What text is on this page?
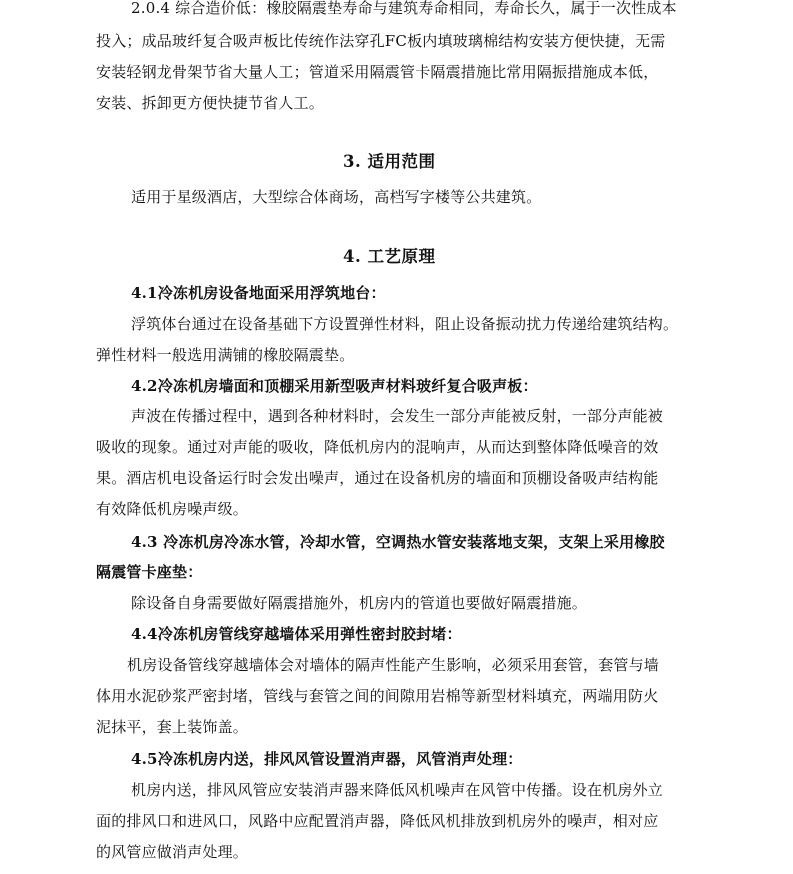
2.0.4 综合造价低：橡胶隔震垫寿命与建筑寿命相同，寿命长久，属于一次性成本
投入；成品玻纤复合吸声板比传统作法穿孔FC板内填玻璃棉结构安装方便快捷，无需
安装轻钢龙骨架节省大量人工；管道采用隔震管卡隔震措施比常用隔振措施成本低，
安装、拆卸更方便快捷节省人工。
3. 适用范围
适用于星级酒店，大型综合体商场，高档写字楼等公共建筑。
4. 工艺原理
4.1冷冻机房设备地面采用浮筑地台：
浮筑体台通过在设备基础下方设置弹性材料，阻止设备振动扰力传递给建筑结构。
弹性材料一般选用满铺的橡胶隔震垫。
4.2冷冻机房墙面和顶棚采用新型吸声材料玻纤复合吸声板：
声波在传播过程中，遇到各种材料时，会发生一部分声能被反射，一部分声能被
吸收的现象。通过对声能的吸收，降低机房内的混响声，从而达到整体降低噪音的效
果。酒店机电设备运行时会发出噪声，通过在设备机房的墙面和顶棚设备吸声结构能
有效降低机房噪声级。
4.3 冷冻机房冷冻水管，冷却水管，空调热水管安装落地支架，支架上采用橡胶
隔震管卡座垫：
除设备自身需要做好隔震措施外，机房内的管道也要做好隔震措施。
4.4冷冻机房管线穿越墙体采用弹性密封胶封堵：
机房设备管线穿越墙体会对墙体的隔声性能产生影响，必须采用套管，套管与墙
体用水泥砂浆严密封堵，管线与套管之间的间隙用岩棉等新型材料填充，两端用防火
泥抹平，套上装饰盖。
4.5冷冻机房内送，排风风管设置消声器，风管消声处理：
机房内送，排风风管应安装消声器来降低风机噪声在风管中传播。设在机房外立
面的排风口和进风口，风路中应配置消声器，降低风机排放到机房外的噪声，相对应
的风管应做消声处理。
